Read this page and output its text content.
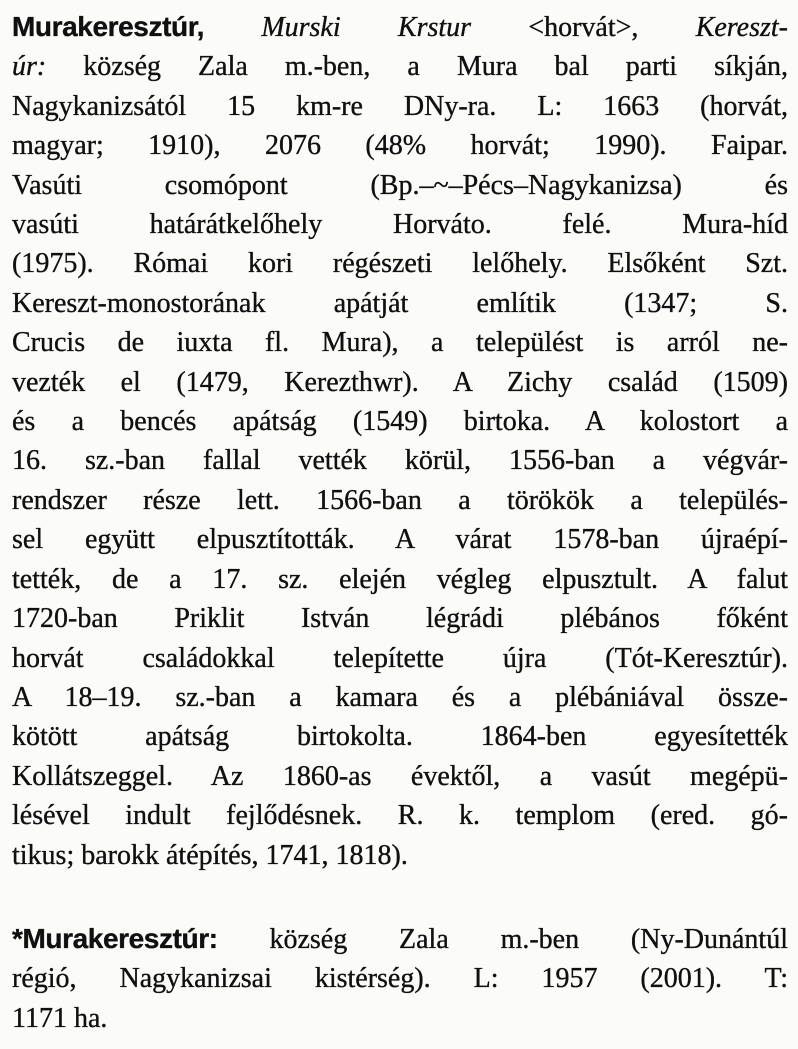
Murakeresztúr, Murski Krstur <horvát>, Kereszt-
úr: község Zala m.-ben, a Mura bal parti síkján,
Nagykanizsától 15 km-re DNy-ra. L: 1663 (horvát,
magyar; 1910), 2076 (48% horvát; 1990). Faipar.
Vasúti csomópont (Bp.–~–Pécs–Nagykanizsa) és
vasúti határátkelőhely Horváto. felé. Mura-híd
(1975). Római kori régészeti lelőhely. Elsőként Szt.
Kereszt-monostorának apátját említik (1347; S.
Crucis de iuxta fl. Mura), a települést is arról ne-
vezték el (1479, Kerezthwr). A Zichy család (1509)
és a bencés apátság (1549) birtoka. A kolostort a
16. sz.-ban fallal vették körül, 1556-ban a végvár-
rendszer része lett. 1566-ban a törökök a település-
sel együtt elpusztították. A várat 1578-ban újraépí-
tették, de a 17. sz. elején végleg elpusztult. A falut
1720-ban Priklit István légrádi plébános főként
horvát családokkal telepítette újra (Tót-Keresztúr).
A 18–19. sz.-ban a kamara és a plébániával össze-
kötött apátság birtokolta. 1864-ben egyesítették
Kollátszeggel. Az 1860-as évektől, a vasút megépü-
lésével indult fejlődésnek. R. k. templom (ered. gó-
tikus; barokk átépítés, 1741, 1818).
*Murakeresztúr: község Zala m.-ben (Ny-Dunántúl
régió, Nagykanizsai kistérség). L: 1957 (2001). T:
1171 ha.
